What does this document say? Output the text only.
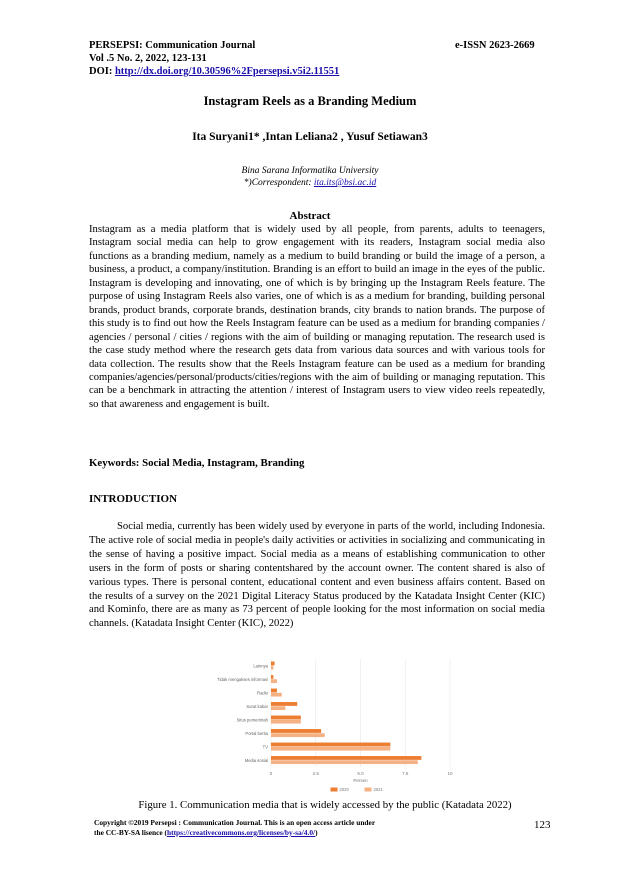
PERSEPSI: Communication Journal	e-ISSN 2623-2669
Vol .5 No. 2, 2022, 123-131
DOI: http://dx.doi.org/10.30596%2Fpersepsi.v5i2.11551
Instagram Reels as a Branding Medium
Ita Suryani1* ,Intan Leliana2 , Yusuf Setiawan3
Bina Sarana Informatika University
*)Correspondent: ita.its@bsi.ac.id
Abstract
Instagram as a media platform that is widely used by all people, from parents, adults to teenagers, Instagram social media can help to grow engagement with its readers, Instagram social media also functions as a branding medium, namely as a medium to build branding or build the image of a person, a business, a product, a company/institution. Branding is an effort to build an image in the eyes of the public. Instagram is developing and innovating, one of which is by bringing up the Instagram Reels feature. The purpose of using Instagram Reels also varies, one of which is as a medium for branding, building personal brands, product brands, corporate brands, destination brands, city brands to nation brands. The purpose of this study is to find out how the Reels Instagram feature can be used as a medium for branding companies / agencies / personal / cities / regions with the aim of building or managing reputation. The research used is the case study method where the research gets data from various data sources and with various tools for data collection. The results show that the Reels Instagram feature can be used as a medium for branding companies/agencies/personal/products/cities/regions with the aim of building or managing reputation. This can be a benchmark in attracting the attention / interest of Instagram users to view video reels repeatedly, so that awareness and engagement is built.
Keywords: Social Media, Instagram, Branding
INTRODUCTION
Social media, currently has been widely used by everyone in parts of the world, including Indonesia. The active role of social media in people's daily activities or activities in socializing and communicating in the sense of having a positive impact. Social media as a means of establishing communication to other users in the form of posts or sharing contentshared by the account owner. The content shared is also of various types. There is personal content, educational content and even business affairs content. Based on the results of a survey on the 2021 Digital Literacy Status produced by the Katadata Insight Center (KIC) and Kominfo, there are as many as 73 percent of people looking for the most information on social media channels. (Katadata Insight Center (KIC), 2022)
0	2.5	5.0	7.5	10
Persen
Lainnya
Tidak mengakses informasi
Radio
Surat kabar
Situs pemerintah
Portal berita
TV
Media sosial
2020	2021
Figure 1. Communication media that is widely accessed by the public (Katadata 2022)
Copyright ©2019 Persepsi : Communication Journal. This is an open access article under
the CC-BY-SA lisence (https://creativecommons.org/licenses/by-sa/4.0/)
123
